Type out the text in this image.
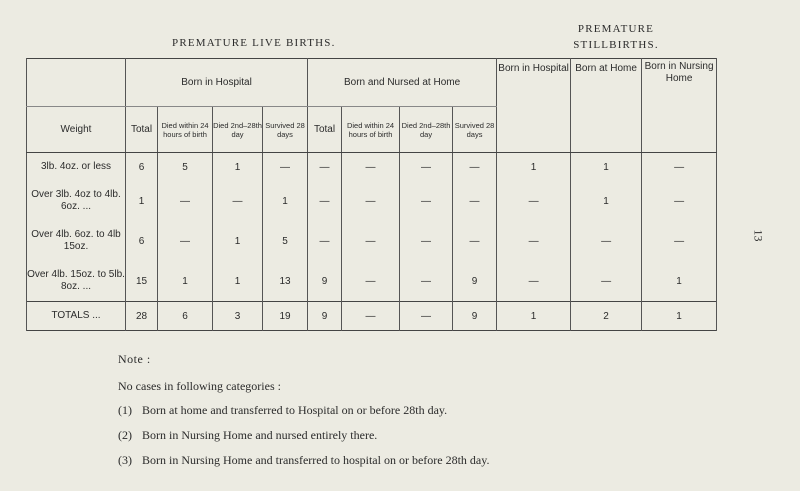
PREMATURE LIVE BIRTHS.
PREMATURE STILLBIRTHS.
13
	Born in Hospital				Born and Nursed at Home				Born in Hospital	Born at Home	Born in Nursing Home
Weight	Total	Died within 24 hours of birth	Died 2nd–28th day	Survived 28 days	Total	Died within 24 hours of birth	Died 2nd–28th day	Survived 28 days			
3lb. 4oz. or less	6	5	1	—	—	—	—	—	1	1	—
Over 3lb. 4oz to 4lb. 6oz. ...	1	—	—	1	—	—	—	—	—	1	—
Over 4lb. 6oz. to 4lb 15oz.	6	—	1	5	—	—	—	—	—	—	—
Over 4lb. 15oz. to 5lb. 8oz. ...	15	1	1	13	9	—	—	9	—	—	1
TOTALS ...	28	6	3	19	9	—	—	9	1	2	1
Note :
No cases in following categories :
(1) Born at home and transferred to Hospital on or before 28th day.
(2) Born in Nursing Home and nursed entirely there.
(3) Born in Nursing Home and transferred to hospital on or before 28th day.
